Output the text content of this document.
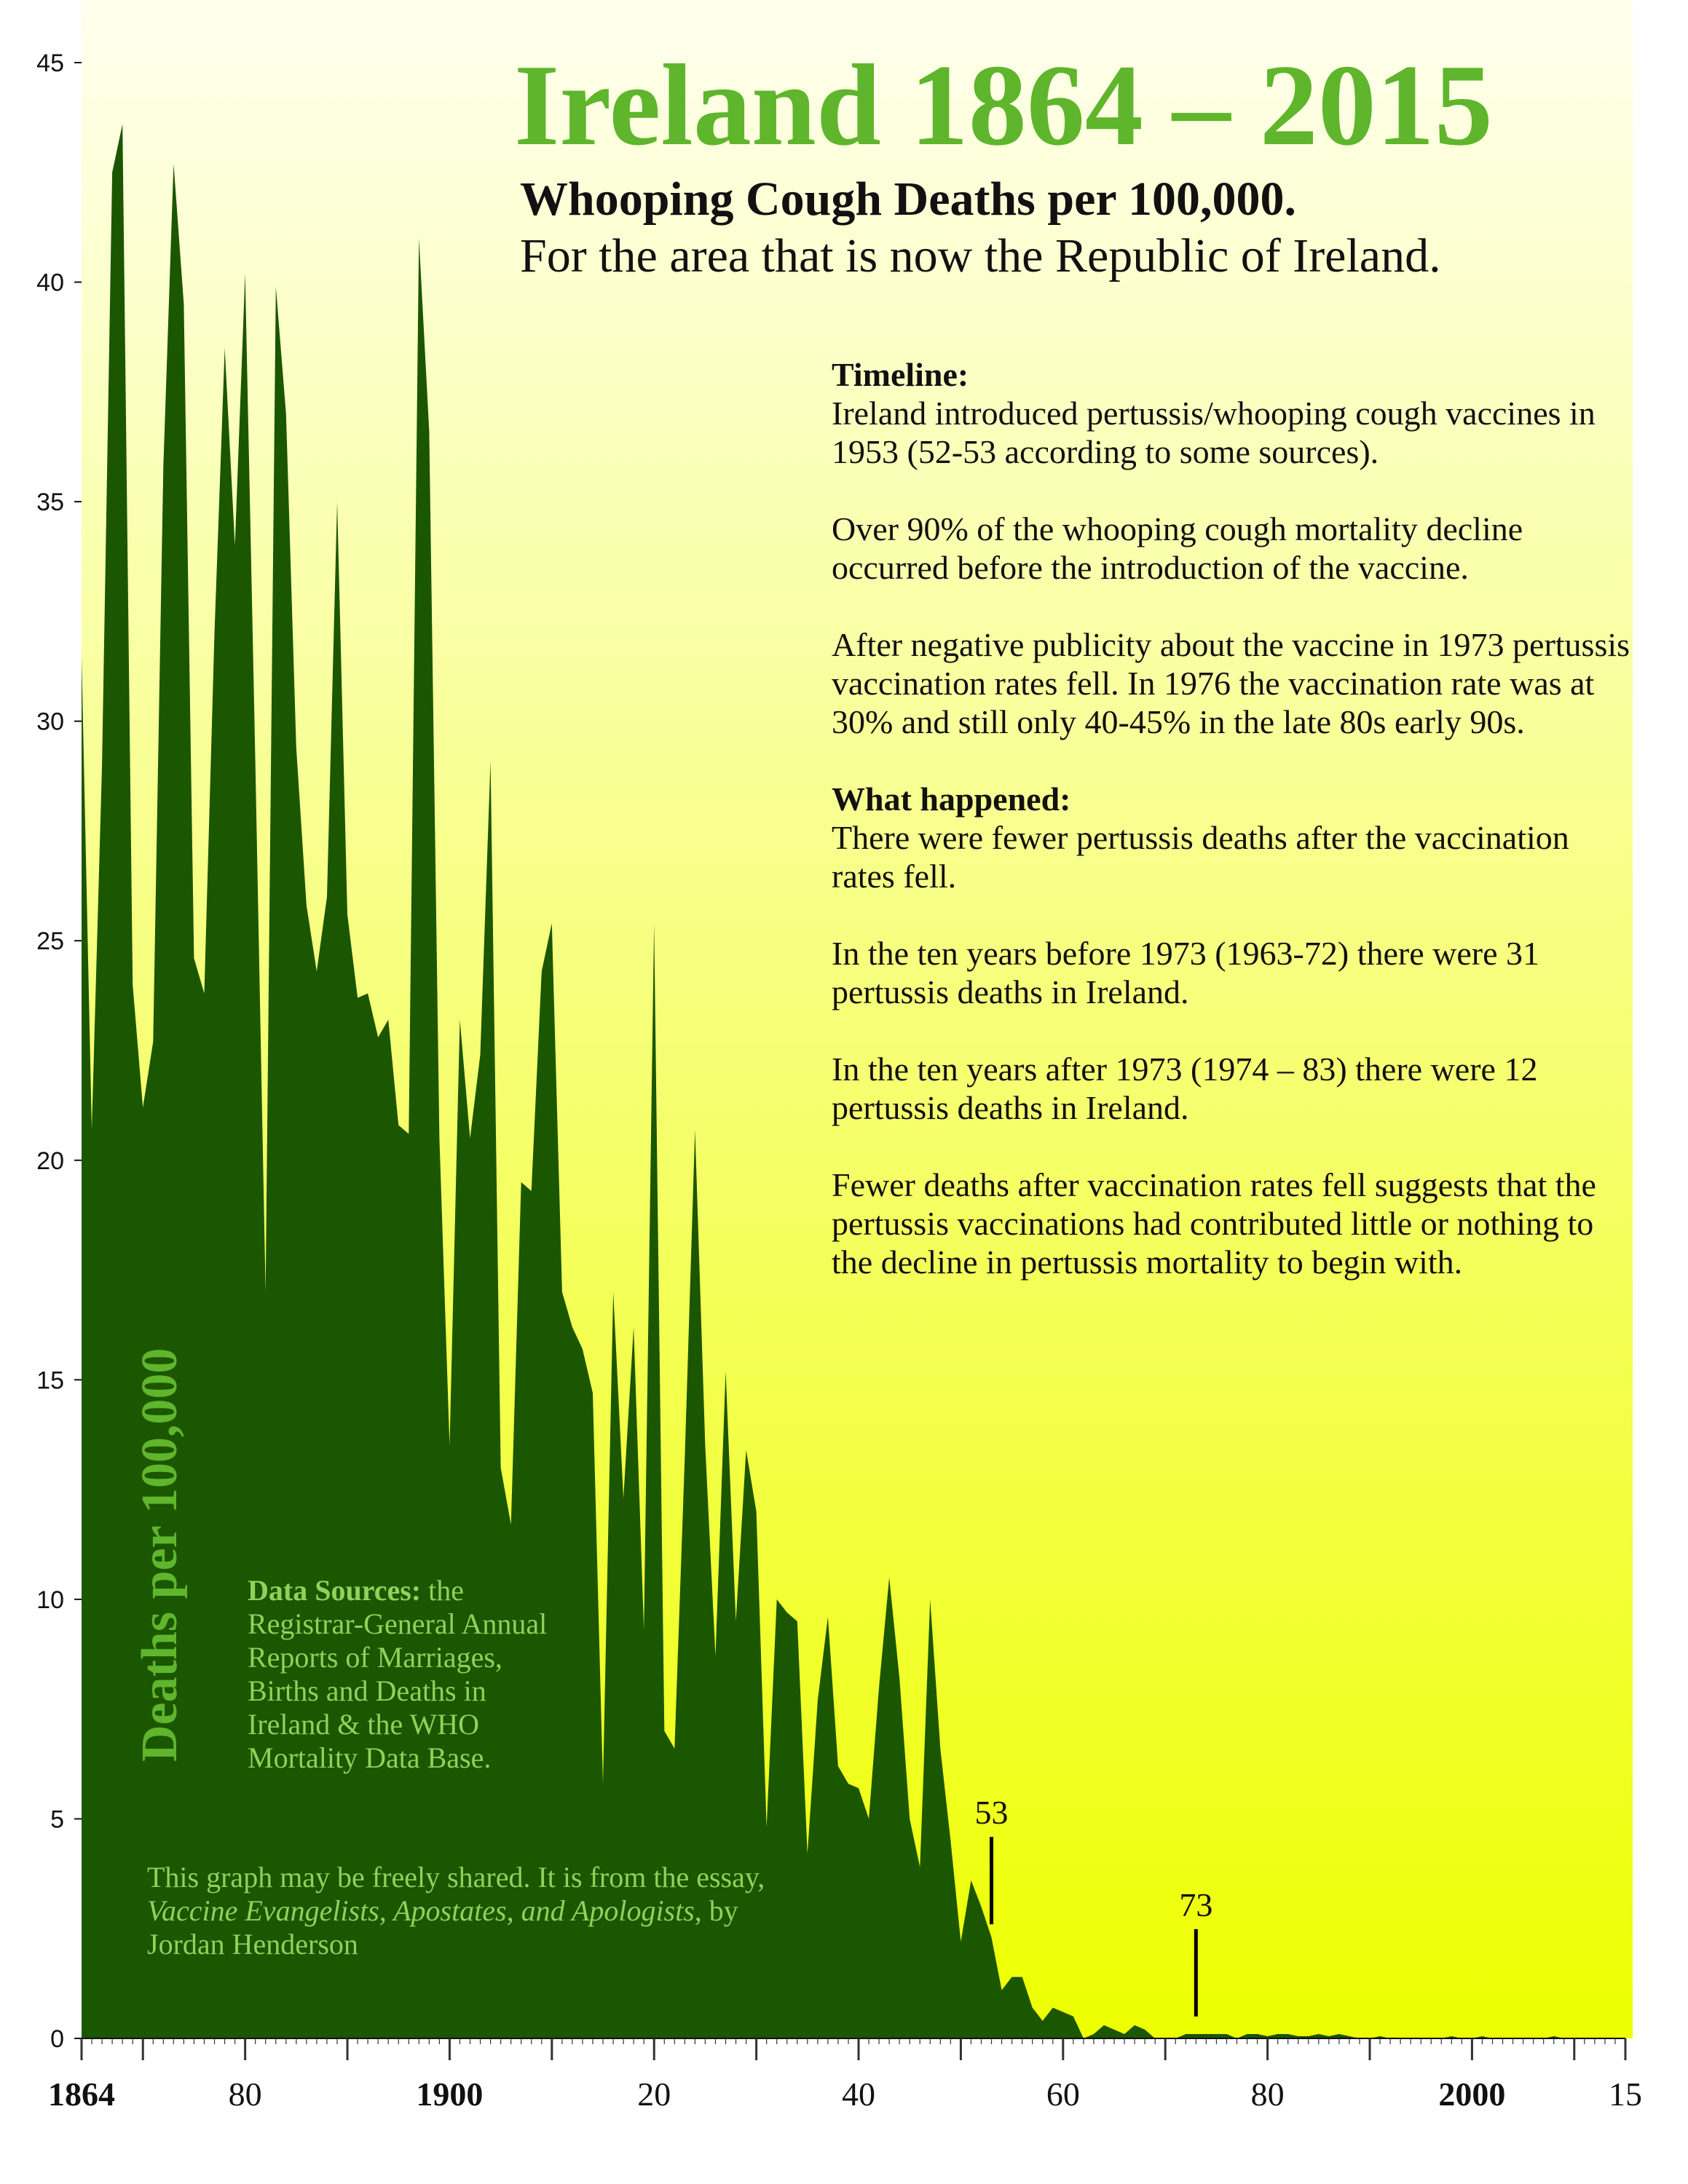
0
5
10
15
20
25
30
35
40
45
1864	80	1900	20	40	60	80	2000	15
53
73
Ireland 1864 – 2015
Whooping Cough Deaths per 100,000.
For the area that is now the Republic of Ireland.

Timeline:
Ireland introduced pertussis/whooping cough vaccines in 1953 (52-53 according to some sources).

Over 90% of the whooping cough mortality decline occurred before the introduction of the vaccine.

After negative publicity about the vaccine in 1973 pertussis vaccination rates fell. In 1976 the vaccination rate was at 30% and still only 40-45% in the late 80s early 90s.

What happened:
There were fewer pertussis deaths after the vaccination rates fell.

In the ten years before 1973 (1963-72) there were 31 pertussis deaths in Ireland.

In the ten years after 1973 (1974 – 83) there were 12 pertussis deaths in Ireland.

Fewer deaths after vaccination rates fell suggests that the pertussis vaccinations had contributed little or nothing to the decline in pertussis mortality to begin with.

Deaths per 100,000 Data Sources: the Registrar-General Annual Reports of Marriages, Births and Deaths in Ireland & the WHO Mortality Data Base.
This graph may be freely shared. It is from the essay, Vaccine Evangelists, Apostates, and Apologists, by Jordan Henderson
